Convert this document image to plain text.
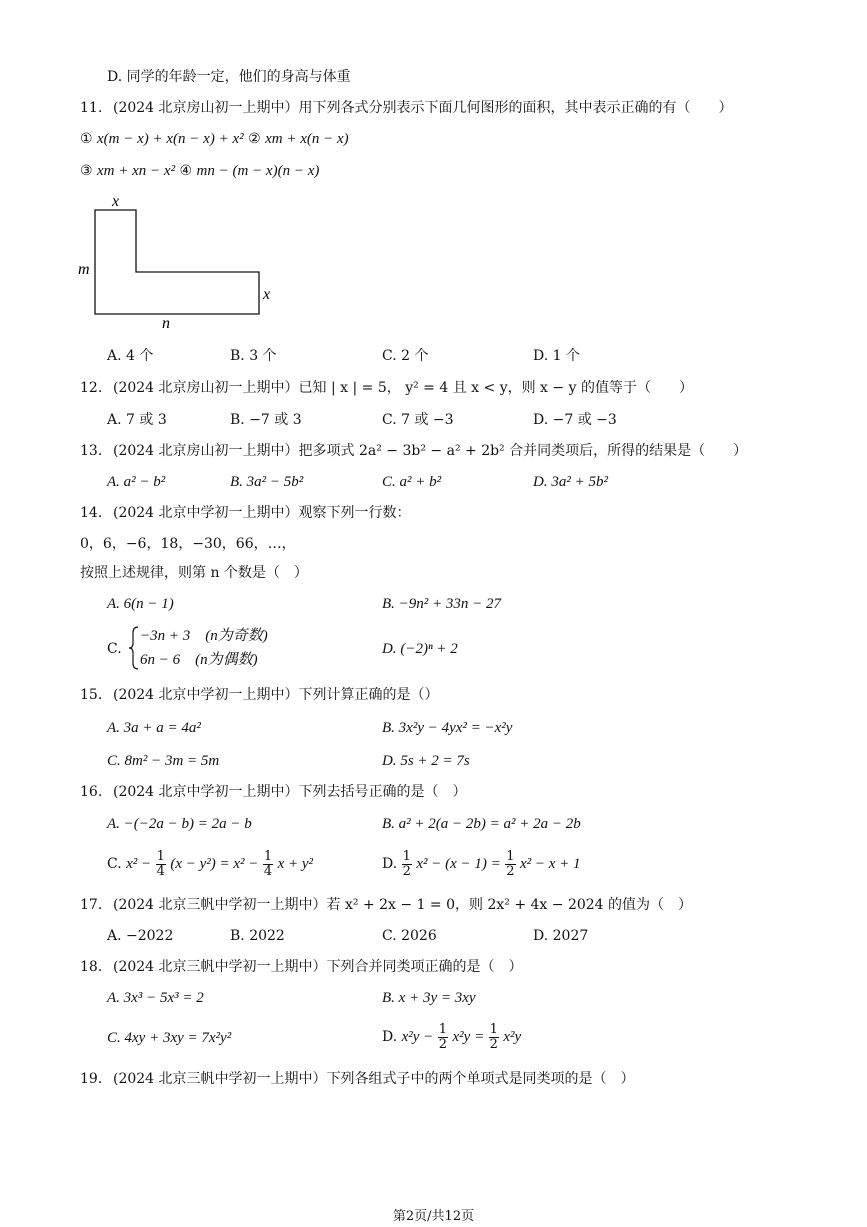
D. 同学的年龄一定，他们的身高与体重
11. (2024 北京房山初一上期中）用下列各式分别表示下面几何图形的面积，其中表示正确的有（　　）
① x(m − x) + x(n − x) + x² ② xm + x(n − x)
③ xm + xn − x² ④ mn − (m − x)(n − x)
x
m
x
n
A. 4 个	B. 3 个	C. 2 个	D. 1 个
12. (2024 北京房山初一上期中）已知 | x | = 5， y² = 4 且 x < y，则 x − y 的值等于（　　）
A. 7 或 3	B. −7 或 3	C. 7 或 −3	D. −7 或 −3
13. (2024 北京房山初一上期中）把多项式 2a² − 3b² − a² + 2b² 合并同类项后，所得的结果是（　　）
A. a² − b²	B. 3a² − 5b²	C. a² + b²	D. 3a² + 5b²
14. (2024 北京中学初一上期中）观察下列一行数：
0，6，−6，18，−30，66，…，
按照上述规律，则第 n 个数是（　）
A. 6(n − 1)	B. −9n² + 33n − 27
C.
−3n + 3　(n为奇数)
6n − 6　(n为偶数)
D. (−2)ⁿ + 2
15. (2024 北京中学初一上期中）下列计算正确的是（）
A. 3a + a = 4a²	B. 3x²y − 4yx² = −x²y
C. 8m² − 3m = 5m	D. 5s + 2 = 7s
16. (2024 北京中学初一上期中）下列去括号正确的是（　）
A. −(−2a − b) = 2a − b	B. a² + 2(a − 2b) = a² + 2a − 2b
C. $x^2 - \frac{1}{4} (x - y^2) = x^2 - \frac{1}{4}$ x + y²	D. $\frac{1}{2} x^2 - (x - 1) = \frac{1}{2} x^2 - x + 1$
17. (2024 北京三帆中学初一上期中）若 x² + 2x − 1 = 0，则 2x² + 4x − 2024 的值为（　）
A. −2022	B. 2022	C. 2026	D. 2027
18. (2024 北京三帆中学初一上期中）下列合并同类项正确的是（　）
A. 3x³ − 5x³ = 2	B. x + 3y = 3xy
C. 4xy + 3xy = 7x²y²	D. $x^2y - \frac{1}{2} x^2y = \frac{1}{2} x^2y$
19. (2024 北京三帆中学初一上期中）下列各组式子中的两个单项式是同类项的是（　）
第2页/共12页
